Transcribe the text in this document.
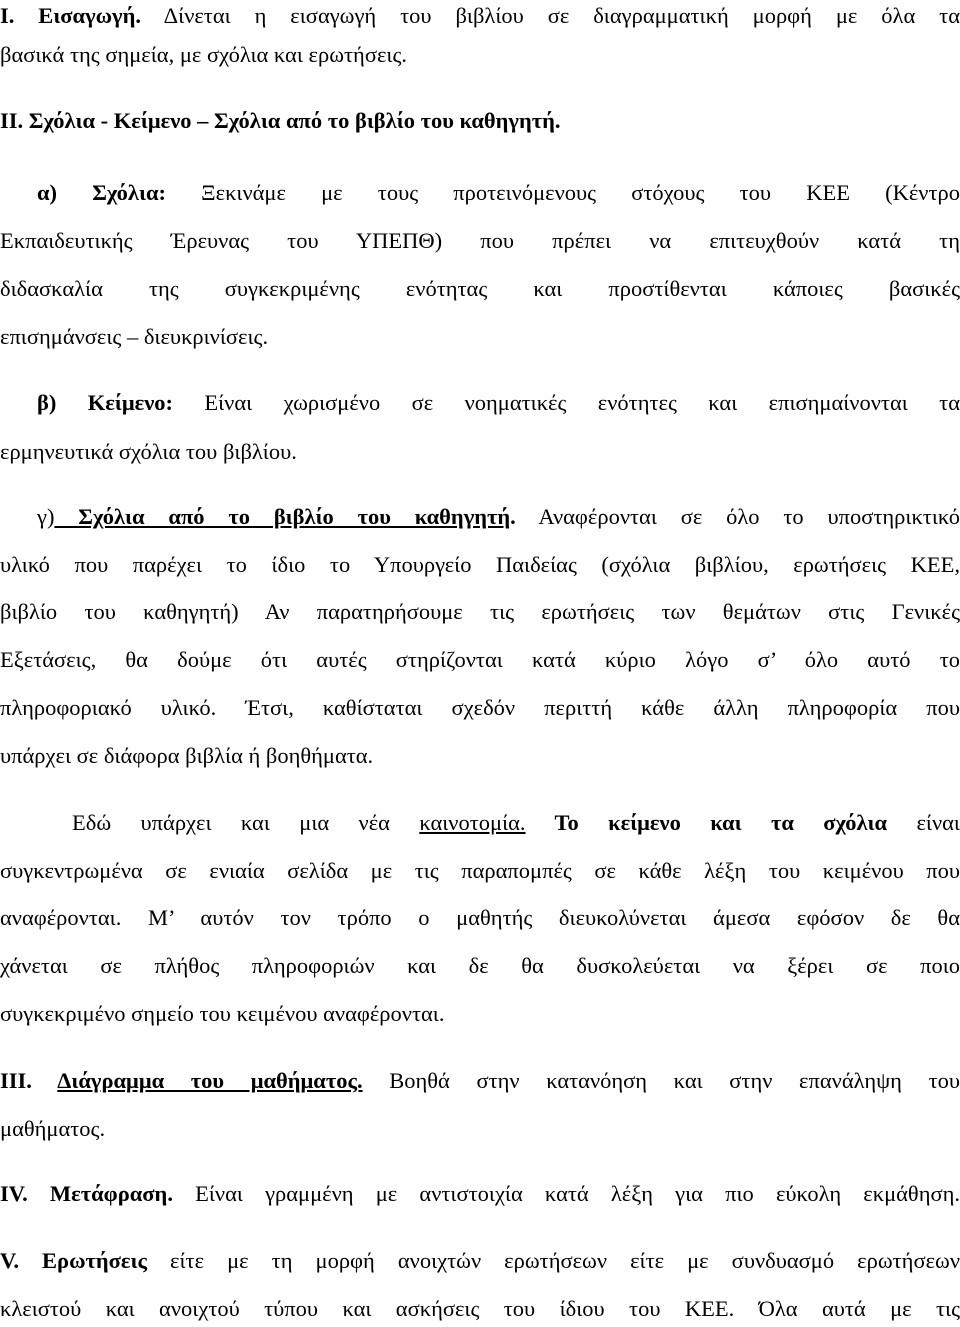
Ι. Εισαγωγή. Δίνεται η εισαγωγή του βιβλίου σε διαγραμματική μορφή με όλα τα
βασικά της σημεία, με σχόλια και ερωτήσεις.
ΙΙ. Σχόλια - Κείμενο – Σχόλια από το βιβλίο του καθηγητή.
α) Σχόλια: Ξεκινάμε με τους προτεινόμενους στόχους του ΚΕΕ (Κέντρο
Εκπαιδευτικής Έρευνας του ΥΠΕΠΘ) που πρέπει να επιτευχθούν κατά τη
διδασκαλία της συγκεκριμένης ενότητας και προστίθενται κάποιες βασικές
επισημάνσεις – διευκρινίσεις.
β) Κείμενο: Είναι χωρισμένο σε νοηματικές ενότητες και επισημαίνονται τα
ερμηνευτικά σχόλια του βιβλίου.
γ) Σχόλια από το βιβλίο του καθηγητή. Αναφέρονται σε όλο το υποστηρικτικό
υλικό που παρέχει το ίδιο το Υπουργείο Παιδείας (σχόλια βιβλίου, ερωτήσεις ΚΕΕ,
βιβλίο του καθηγητή) Αν παρατηρήσουμε τις ερωτήσεις των θεμάτων στις Γενικές
Εξετάσεις, θα δούμε ότι αυτές στηρίζονται κατά κύριο λόγο σ’ όλο αυτό το
πληροφοριακό υλικό. Έτσι, καθίσταται σχεδόν περιττή κάθε άλλη πληροφορία που
υπάρχει σε διάφορα βιβλία ή βοηθήματα.
Εδώ υπάρχει και μια νέα καινοτομία. Το κείμενο και τα σχόλια είναι
συγκεντρωμένα σε ενιαία σελίδα με τις παραπομπές σε κάθε λέξη του κειμένου που
αναφέρονται. Μ’ αυτόν τον τρόπο ο μαθητής διευκολύνεται άμεσα εφόσον δε θα
χάνεται σε πλήθος πληροφοριών και δε θα δυσκολεύεται να ξέρει σε ποιο
συγκεκριμένο σημείο του κειμένου αναφέρονται.
ΙΙΙ. Διάγραμμα του μαθήματος. Βοηθά στην κατανόηση και στην επανάληψη του
μαθήματος.
IV. Μετάφραση. Είναι γραμμένη με αντιστοιχία κατά λέξη για πιο εύκολη εκμάθηση.
V. Ερωτήσεις είτε με τη μορφή ανοιχτών ερωτήσεων είτε με συνδυασμό ερωτήσεων
κλειστού και ανοιχτού τύπου και ασκήσεις του ίδιου του ΚΕΕ. Όλα αυτά με τις
